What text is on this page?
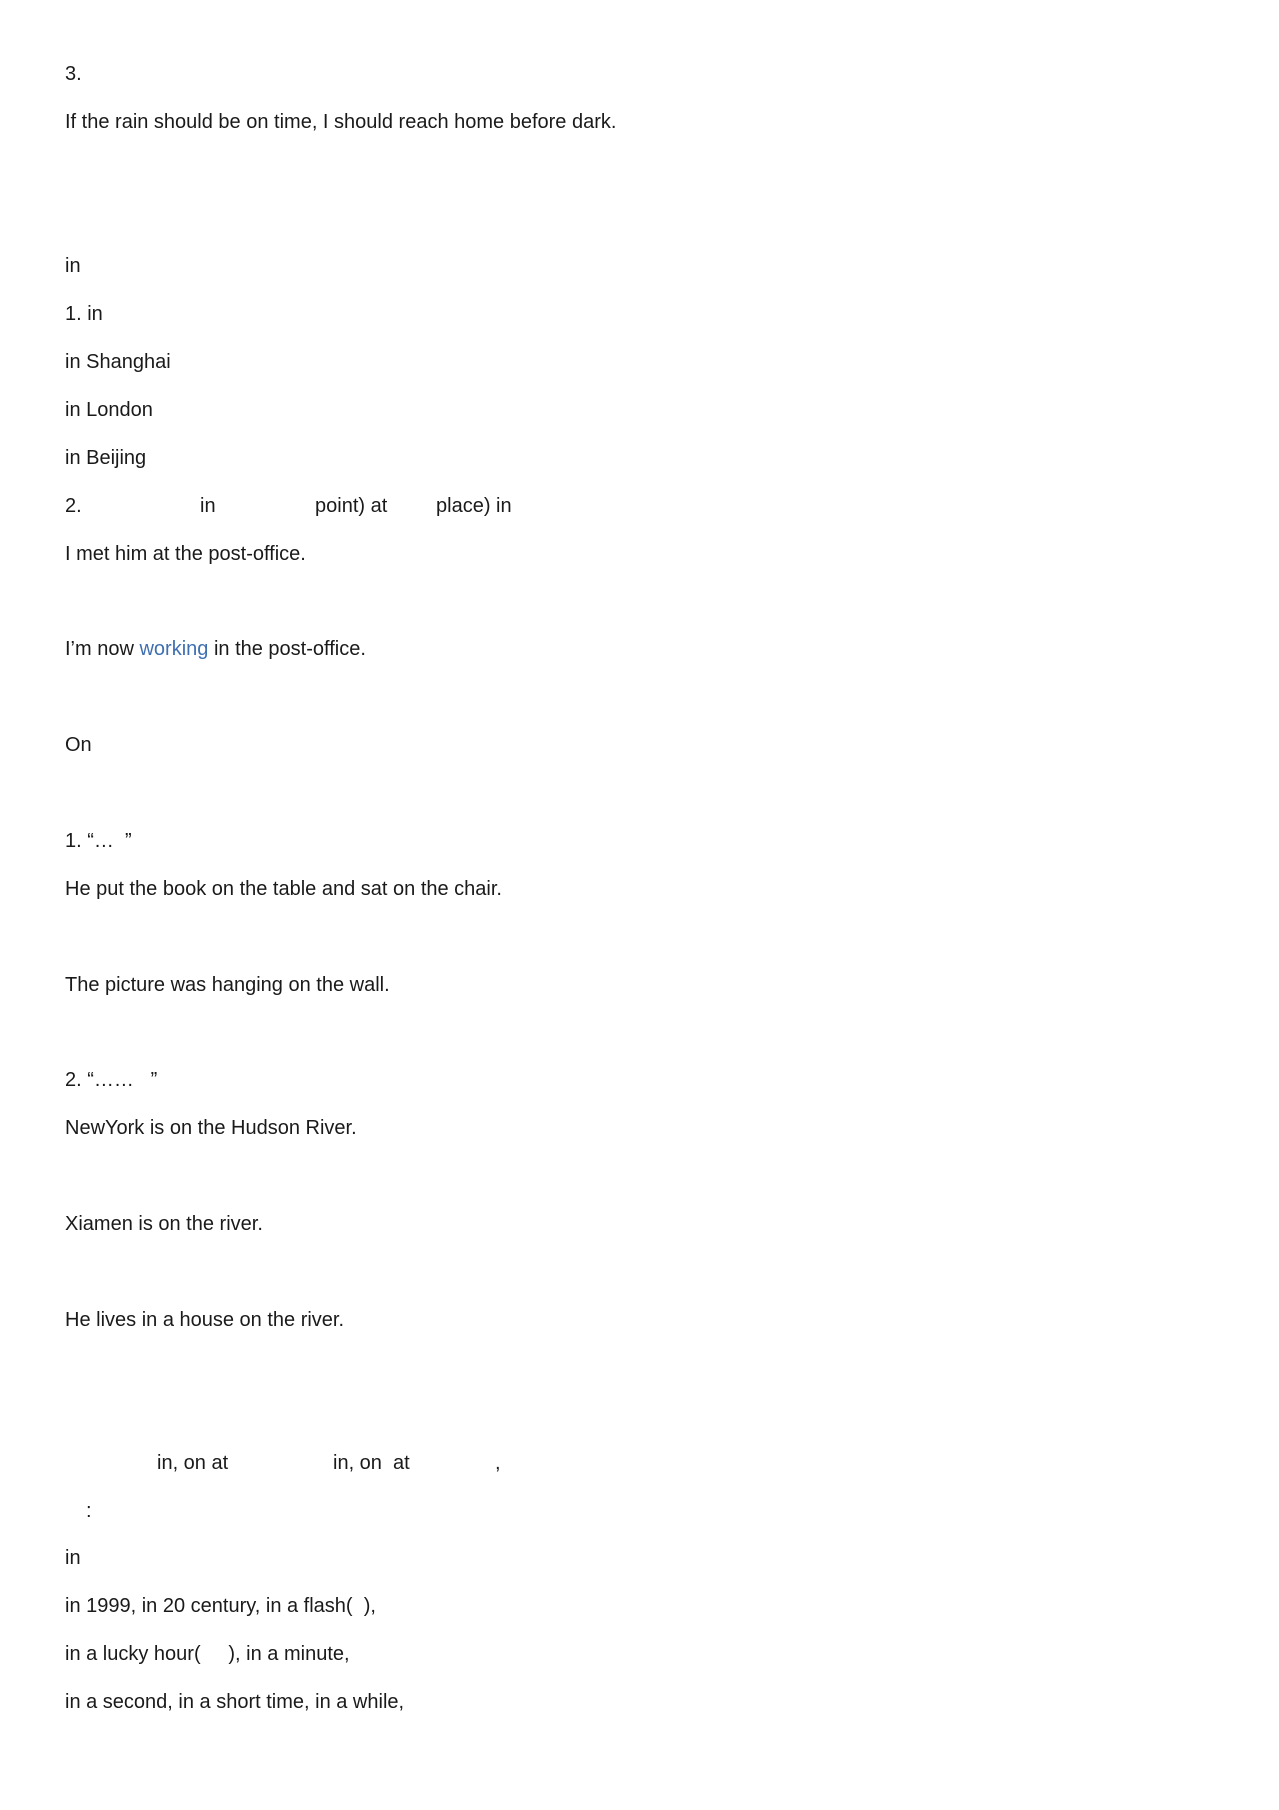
3.
If the rain should be on time, I should reach home before dark.
in
1. in
in Shanghai
in London
in Beijing

2.

	in

	point) at

place) in

I met him at the post-office.
I’m now working in the post-office.
On
1. “…  ”
He put the book on the table and sat on the chair.
The picture was hanging on the wall.
2. “……   ”
NewYork is on the Hudson River.
Xiamen is on the river.
He lives in a house on the river.

in, on at

	in, on  at

	,

:
in
in 1999, in 20 century, in a flash(  ),
in a lucky hour(     ), in a minute,
in a second, in a short time, in a while,
